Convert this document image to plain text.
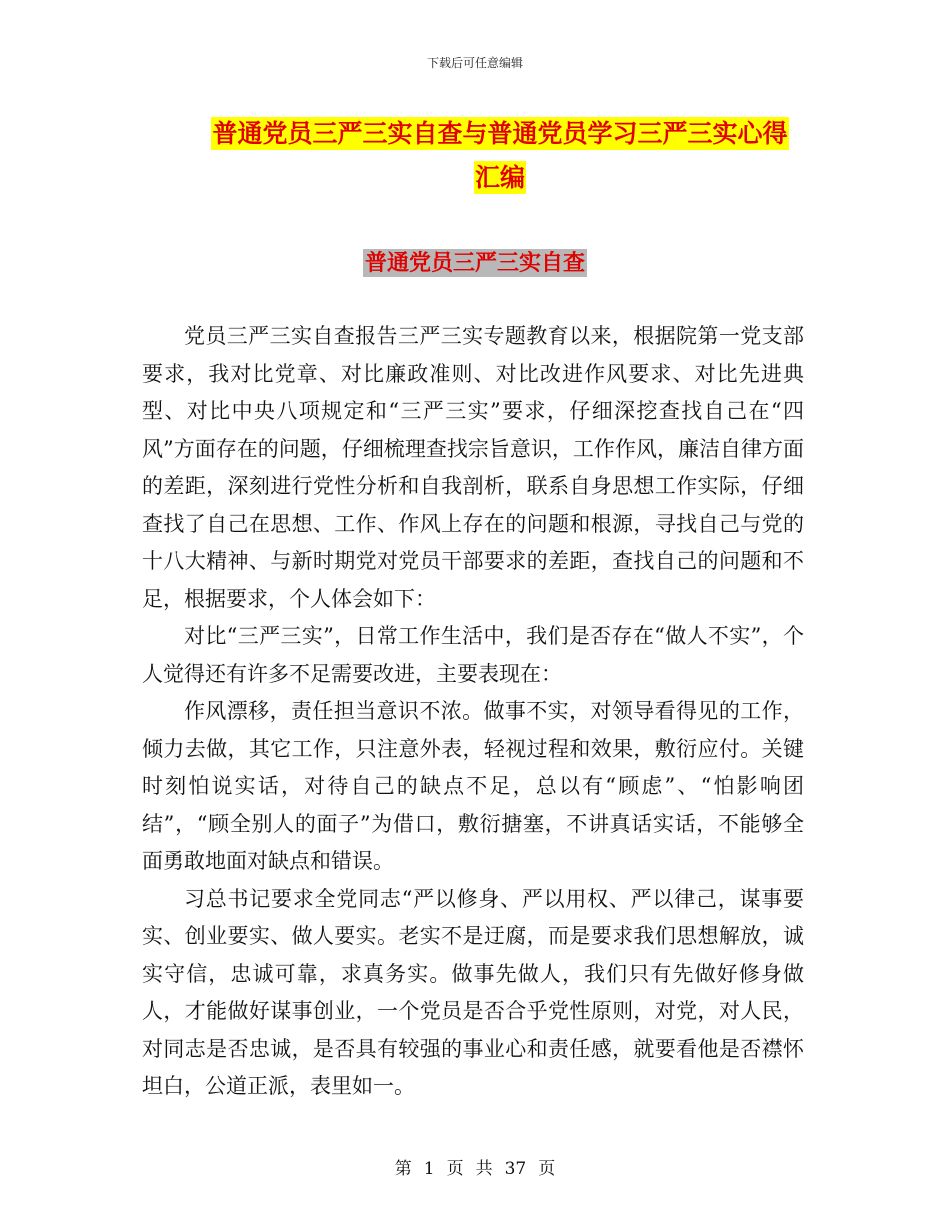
下载后可任意编辑
普通党员三严三实自查与普通党员学习三严三实心得
汇编
普通党员三严三实自查

党员三严三实自查报告三严三实专题教育以来，根据院第一党支部要求，我对比党章、对比廉政准则、对比改进作风要求、对比先进典型、对比中央八项规定和“三严三实”要求，仔细深挖查找自己在“四风”方面存在的问题，仔细梳理查找宗旨意识，工作作风，廉洁自律方面的差距，深刻进行党性分析和自我剖析，联系自身思想工作实际，仔细查找了自己在思想、工作、作风上存在的问题和根源，寻找自己与党的十八大精神、与新时期党对党员干部要求的差距，查找自己的问题和不足，根据要求，个人体会如下：

对比“三严三实”，日常工作生活中，我们是否存在“做人不实”，个人觉得还有许多不足需要改进，主要表现在：

作风漂移，责任担当意识不浓。做事不实，对领导看得见的工作，倾力去做，其它工作，只注意外表，轻视过程和效果，敷衍应付。关键时刻怕说实话，对待自己的缺点不足，总以有“顾虑”、“怕影响团结”，“顾全别人的面子”为借口，敷衍搪塞，不讲真话实话，不能够全面勇敢地面对缺点和错误。

习总书记要求全党同志“严以修身、严以用权、严以律己，谋事要实、创业要实、做人要实。老实不是迂腐，而是要求我们思想解放，诚实守信，忠诚可靠，求真务实。做事先做人，我们只有先做好修身做人，才能做好谋事创业，一个党员是否合乎党性原则，对党，对人民，对同志是否忠诚，是否具有较强的事业心和责任感，就要看他是否襟怀坦白，公道正派，表里如一。

第 1 页 共 37 页
